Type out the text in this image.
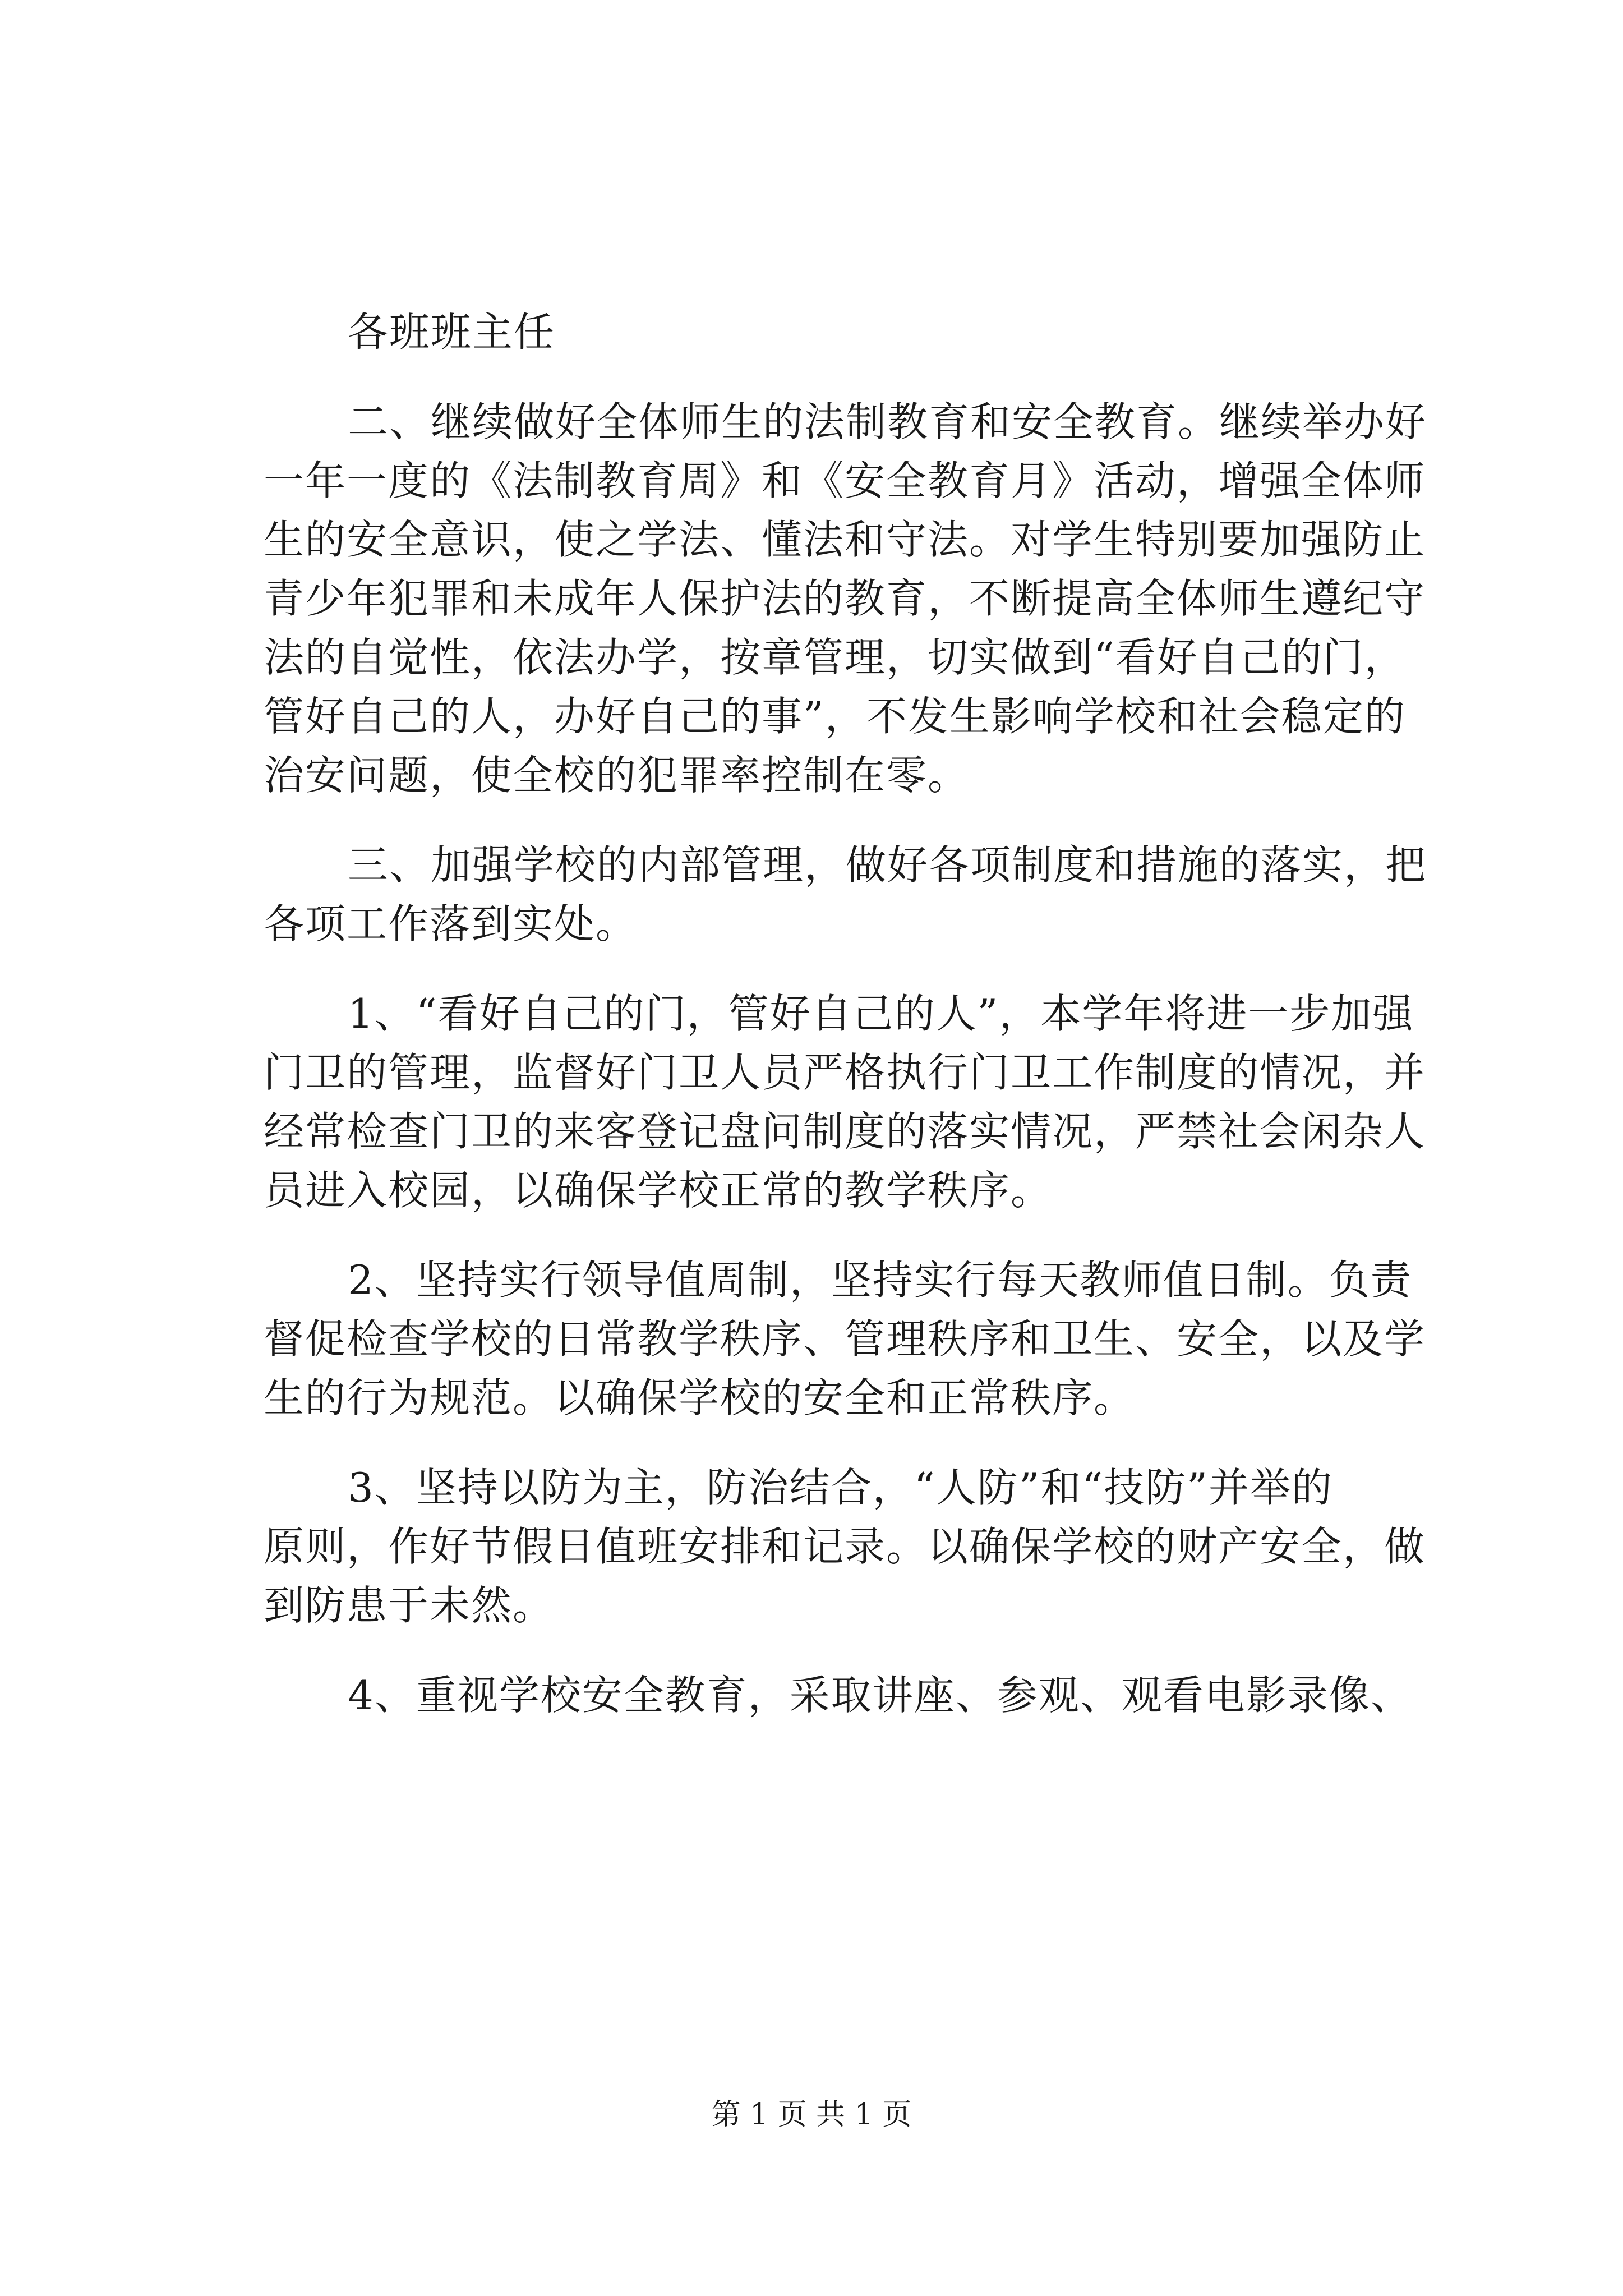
各班班主任
二、继续做好全体师生的法制教育和安全教育。继续举办好
一年一度的《法制教育周》和《安全教育月》活动，增强全体师
生的安全意识，使之学法、懂法和守法。对学生特别要加强防止
青少年犯罪和未成年人保护法的教育，不断提高全体师生遵纪守
法的自觉性，依法办学，按章管理，切实做到“看好自己的门，
管好自己的人，办好自己的事”，不发生影响学校和社会稳定的
治安问题，使全校的犯罪率控制在零。
三、加强学校的内部管理，做好各项制度和措施的落实，把
各项工作落到实处。
1、“看好自己的门，管好自己的人”，本学年将进一步加强
门卫的管理，监督好门卫人员严格执行门卫工作制度的情况，并
经常检查门卫的来客登记盘问制度的落实情况，严禁社会闲杂人
员进入校园，以确保学校正常的教学秩序。
2、坚持实行领导值周制，坚持实行每天教师值日制。负责
督促检查学校的日常教学秩序、管理秩序和卫生、安全，以及学
生的行为规范。以确保学校的安全和正常秩序。
3、坚持以防为主，防治结合，“人防”和“技防”并举的
原则，作好节假日值班安排和记录。以确保学校的财产安全，做
到防患于未然。
4、重视学校安全教育，采取讲座、参观、观看电影录像、
第 1 页 共 1 页
